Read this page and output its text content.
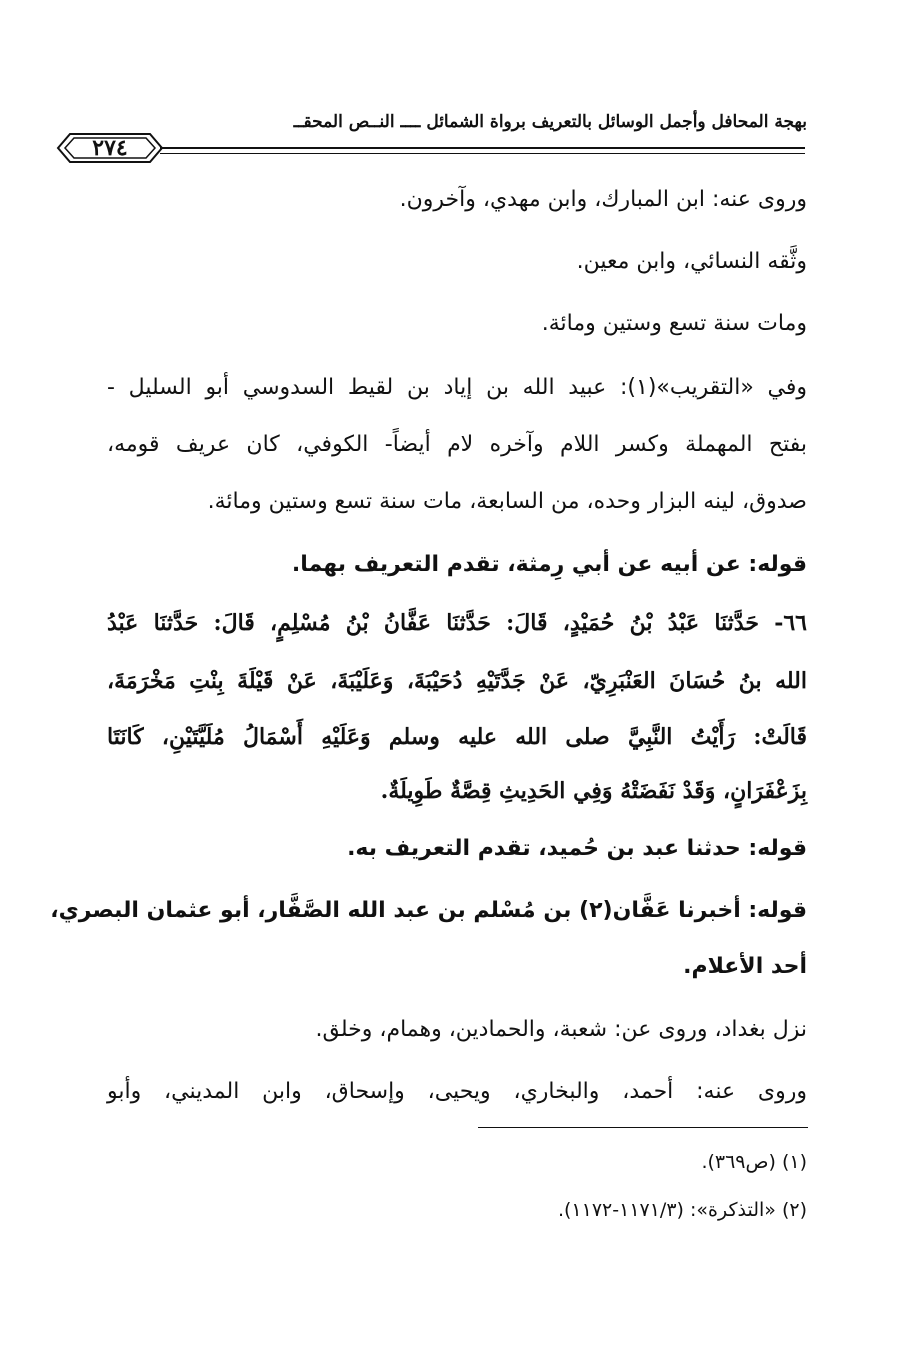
بهجة المحافل وأجمل الوسائل بالتعريف برواة الشمائل ــــ النــص المحقــ
٢٧٤
وروى عنه: ابن المبارك، وابن مهدي، وآخرون.
وثَّقه النسائي، وابن معين.
ومات سنة تسع وستين ومائة.
وفي «التقريب»(١): عبيد الله بن إياد بن لقيط السدوسي أبو السليل -
بفتح المهملة وكسر اللام وآخره لام أيضاً- الكوفي، كان عريف قومه،
صدوق، لينه البزار وحده، من السابعة، مات سنة تسع وستين ومائة.
قوله: عن أبيه عن أبي رِمثة، تقدم التعريف بهما.
٦٦- حَدَّثنَا عَبْدُ بْنُ حُمَيْدٍ، قَالَ: حَدَّثنَا عَفَّانُ بْنُ مُسْلِمٍ، قَالَ: حَدَّثنَا عَبْدُ
الله بنُ حُسَانَ العَنْبَرِيّ، عَنْ جَدَّتَيْهِ دُحَيْبَةَ، وَعَلَيْبَةَ، عَنْ قَيْلَةَ بِنْتِ مَخْرَمَةَ،
قَالَتْ: رَأَيْتُ النَّبِيَّ صلى الله عليه وسلم وَعَلَيْهِ أَسْمَالُ مُلَيَّتَيْنِ، كَانَتَا
بِزَعْفَرَانٍ، وَقَدْ نَفَضَتْهُ وَفِي الحَدِيثِ قِصَّةٌ طَوِيلَةٌ.
قوله: حدثنا عبد بن حُميد، تقدم التعريف به.
قوله: أخبرنا عَفَّان(٢) بن مُسْلم بن عبد الله الصَّفَّار، أبو عثمان البصري،
أحد الأعلام.
نزل بغداد، وروى عن: شعبة، والحمادين، وهمام، وخلق.
وروى عنه: أحمد، والبخاري، ويحيى، وإسحاق، وابن المديني، وأبو
(١) (ص٣٦٩).
(٢) «التذكرة»: (١١٧١/٣-١١٧٢).
